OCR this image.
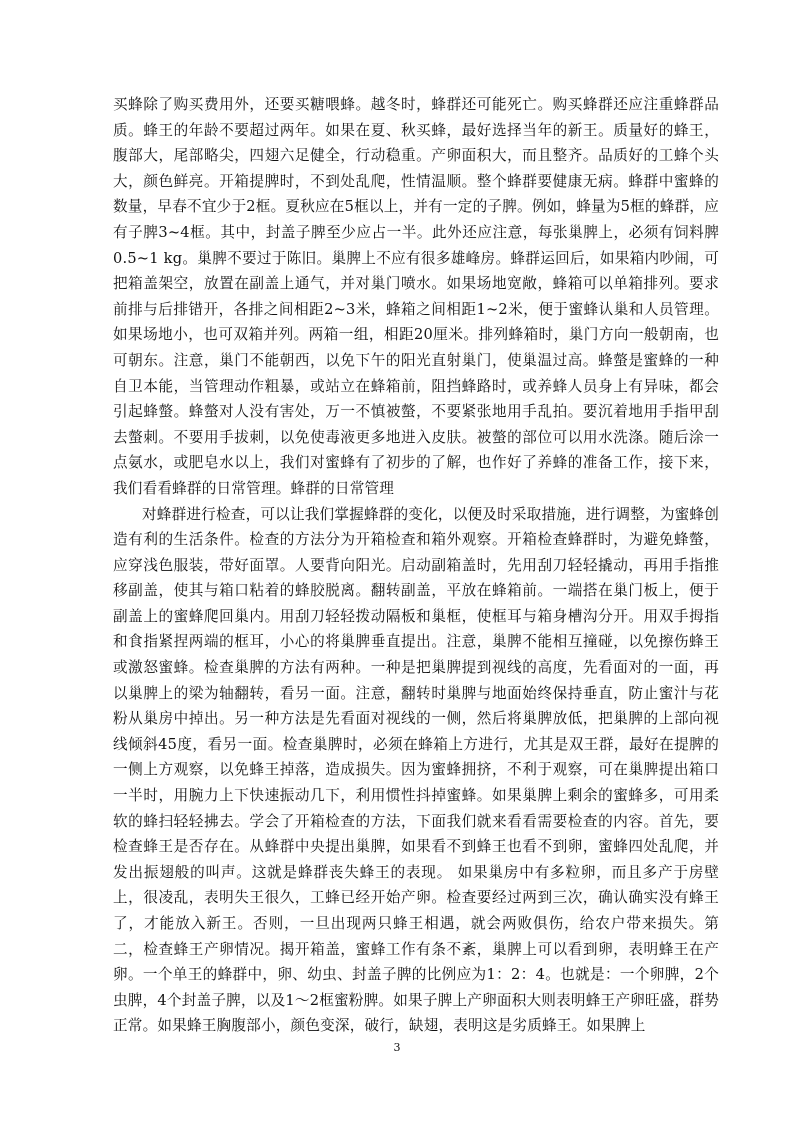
买蜂除了购买费用外，还要买糖喂蜂。越冬时，蜂群还可能死亡。购买蜂群还应注重蜂群品质。蜂王的年龄不要超过两年。如果在夏、秋买蜂，最好选择当年的新王。质量好的蜂王，腹部大，尾部略尖，四翅六足健全，行动稳重。产卵面积大，而且整齐。品质好的工蜂个头大，颜色鲜亮。开箱提脾时，不到处乱爬，性情温顺。整个蜂群要健康无病。蜂群中蜜蜂的数量，早春不宜少于2框。夏秋应在5框以上，并有一定的子脾。例如，蜂量为5框的蜂群，应有子脾3~4框。其中，封盖子脾至少应占一半。此外还应注意，每张巢脾上，必须有饲料脾0.5~1 kg。巢脾不要过于陈旧。巢脾上不应有很多雄峰房。蜂群运回后，如果箱内吵闹，可把箱盖架空，放置在副盖上通气，并对巢门喷水。如果场地宽敞，蜂箱可以单箱排列。要求前排与后排错开，各排之间相距2~3米，蜂箱之间相距1~2米，便于蜜蜂认巢和人员管理。如果场地小，也可双箱并列。两箱一组，相距20厘米。排列蜂箱时，巢门方向一般朝南，也可朝东。注意，巢门不能朝西，以免下午的阳光直射巢门，使巢温过高。蜂螫是蜜蜂的一种自卫本能，当管理动作粗暴，或站立在蜂箱前，阻挡蜂路时，或养蜂人员身上有异味，都会引起蜂螫。蜂螫对人没有害处，万一不慎被螫，不要紧张地用手乱拍。要沉着地用手指甲刮去螫刺。不要用手拔刺，以免使毒液更多地进入皮肤。被螫的部位可以用水洗涤。随后涂一点氨水，或肥皂水以上，我们对蜜蜂有了初步的了解，也作好了养蜂的准备工作，接下来，我们看看蜂群的日常管理。蜂群的日常管理

对蜂群进行检查，可以让我们掌握蜂群的变化，以便及时采取措施，进行调整，为蜜蜂创造有利的生活条件。检查的方法分为开箱检查和箱外观察。开箱检查蜂群时，为避免蜂螫，应穿浅色服装，带好面罩。人要背向阳光。启动副箱盖时，先用刮刀轻轻撬动，再用手指推移副盖，使其与箱口粘着的蜂胶脱离。翻转副盖，平放在蜂箱前。一端搭在巢门板上，便于副盖上的蜜蜂爬回巢内。用刮刀轻轻拨动隔板和巢框，使框耳与箱身槽沟分开。用双手拇指和食指紧捏两端的框耳，小心的将巢脾垂直提出。注意，巢脾不能相互撞碰，以免擦伤蜂王或激怒蜜蜂。检查巢脾的方法有两种。一种是把巢脾提到视线的高度，先看面对的一面，再以巢脾上的梁为轴翻转，看另一面。注意，翻转时巢脾与地面始终保持垂直，防止蜜汁与花粉从巢房中掉出。另一种方法是先看面对视线的一侧，然后将巢脾放低，把巢脾的上部向视线倾斜45度，看另一面。检查巢脾时，必须在蜂箱上方进行，尤其是双王群，最好在提脾的一侧上方观察，以免蜂王掉落，造成损失。因为蜜蜂拥挤，不利于观察，可在巢脾提出箱口一半时，用腕力上下快速振动几下，利用惯性抖掉蜜蜂。如果巢脾上剩余的蜜蜂多，可用柔软的蜂扫轻轻拂去。学会了开箱检查的方法，下面我们就来看看需要检查的内容。首先，要检查蜂王是否存在。从蜂群中央提出巢脾，如果看不到蜂王也看不到卵，蜜蜂四处乱爬，并发出振翅般的叫声。这就是蜂群丧失蜂王的表现。 如果巢房中有多粒卵，而且多产于房壁上，很凌乱，表明失王很久，工蜂已经开始产卵。检查要经过两到三次，确认确实没有蜂王了，才能放入新王。否则，一旦出现两只蜂王相遇，就会两败俱伤，给农户带来损失。第二，检查蜂王产卵情况。揭开箱盖，蜜蜂工作有条不紊，巢脾上可以看到卵，表明蜂王在产卵。一个单王的蜂群中，卵、幼虫、封盖子脾的比例应为1：2：4。也就是：一个卵脾，2个虫脾，4个封盖子脾，以及1～2框蜜粉脾。如果子脾上产卵面积大则表明蜂王产卵旺盛，群势正常。如果蜂王胸腹部小，颜色变深，破行，缺翅，表明这是劣质蜂王。如果脾上

3
